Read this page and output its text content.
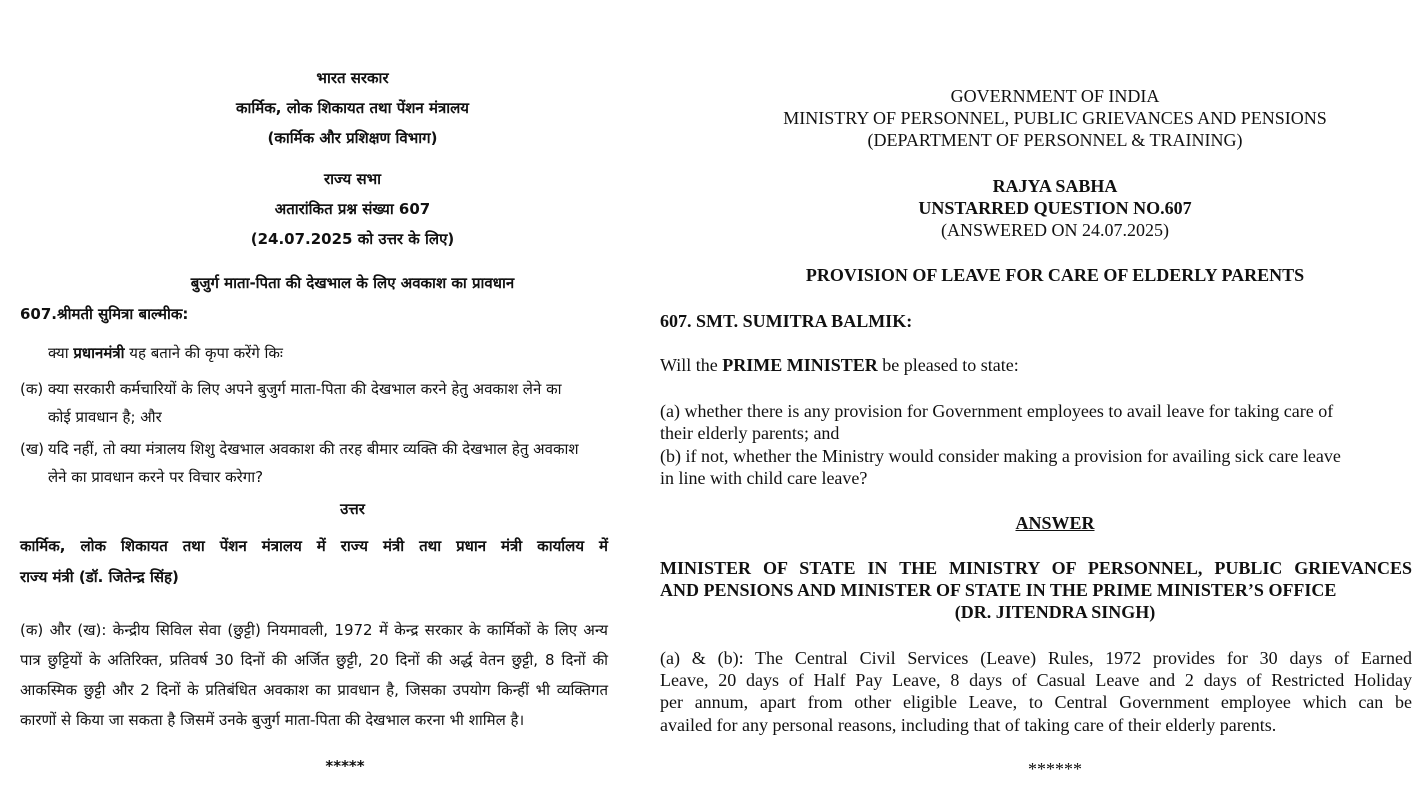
भारत सरकार
कार्मिक, लोक शिकायत तथा पेंशन मंत्रालय
(कार्मिक और प्रशिक्षण विभाग)
राज्य सभा
अतारांकित प्रश्न संख्या 607
(24.07.2025 को उत्तर के लिए)
बुजुर्ग माता-पिता की देखभाल के लिए अवकाश का प्रावधान
607.श्रीमती सुमित्रा बाल्मीक:
क्या प्रधानमंत्री यह बताने की कृपा करेंगे किः
(क) क्या सरकारी कर्मचारियों के लिए अपने बुजुर्ग माता-पिता की देखभाल करने हेतु अवकाश लेने का
कोई प्रावधान है; और
(ख) यदि नहीं, तो क्या मंत्रालय शिशु देखभाल अवकाश की तरह बीमार व्यक्ति की देखभाल हेतु अवकाश
लेने का प्रावधान करने पर विचार करेगा?
उत्तर
कार्मिक, लोक शिकायत तथा पेंशन मंत्रालय में राज्य मंत्री तथा प्रधान मंत्री कार्यालय में
राज्य मंत्री (डॉ. जितेन्द्र सिंह)
(क) और (ख): केन्द्रीय सिविल सेवा (छुट्टी) नियमावली, 1972 में केन्द्र सरकार के कार्मिकों के लिए अन्य
पात्र छुट्टियों के अतिरिक्त, प्रतिवर्ष 30 दिनों की अर्जित छुट्टी, 20 दिनों की अर्द्ध वेतन छुट्टी, 8 दिनों की
आकस्मिक छुट्टी और 2 दिनों के प्रतिबंधित अवकाश का प्रावधान है, जिसका उपयोग किन्हीं भी व्यक्तिगत
कारणों से किया जा सकता है जिसमें उनके बुजुर्ग माता-पिता की देखभाल करना भी शामिल है।
*****
GOVERNMENT OF INDIA
MINISTRY OF PERSONNEL, PUBLIC GRIEVANCES AND PENSIONS
(DEPARTMENT OF PERSONNEL & TRAINING)
RAJYA SABHA
UNSTARRED QUESTION NO.607
(ANSWERED ON 24.07.2025)
PROVISION OF LEAVE FOR CARE OF ELDERLY PARENTS
607. SMT. SUMITRA BALMIK:
Will the PRIME MINISTER be pleased to state:
(a) whether there is any provision for Government employees to avail leave for taking care of
their elderly parents; and
(b) if not, whether the Ministry would consider making a provision for availing sick care leave
in line with child care leave?
ANSWER
MINISTER OF STATE IN THE MINISTRY OF PERSONNEL, PUBLIC GRIEVANCES
AND PENSIONS AND MINISTER OF STATE IN THE PRIME MINISTER’S OFFICE
(DR. JITENDRA SINGH)
(a) & (b): The Central Civil Services (Leave) Rules, 1972 provides for 30 days of Earned
Leave, 20 days of Half Pay Leave, 8 days of Casual Leave and 2 days of Restricted Holiday
per annum, apart from other eligible Leave, to Central Government employee which can be
availed for any personal reasons, including that of taking care of their elderly parents.
******
